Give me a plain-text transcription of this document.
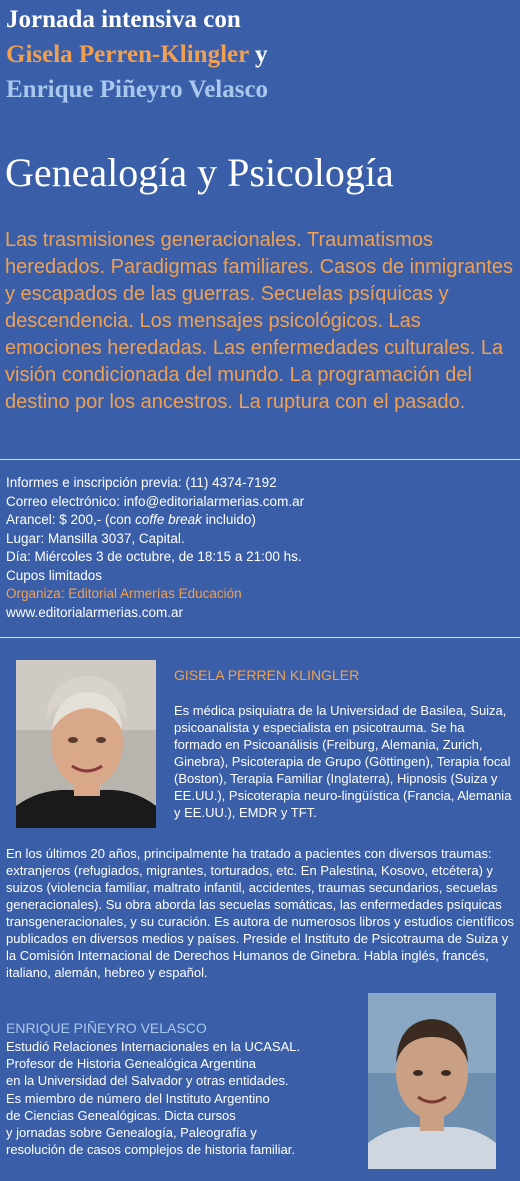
Jornada intensiva con
Gisela Perren-Klingler y
Enrique Piñeyro Velasco
Genealogía y Psicología
Las trasmisiones generacionales. Traumatismos heredados. Paradigmas familiares. Casos de inmigrantes y escapados de las guerras. Secuelas psíquicas y descendencia. Los mensajes psicológicos. Las emociones heredadas. Las enfermedades culturales. La visión condicionada del mundo. La programación del destino por los ancestros. La ruptura con el pasado.
Informes e inscripción previa: (11) 4374-7192
Correo electrónico: info@editorialarmerias.com.ar
Arancel: $ 200,- (con coffe break incluido)
Lugar: Mansilla 3037, Capital.
Día: Miércoles 3 de octubre, de 18:15 a 21:00 hs.
Cupos limitados
Organiza: Editorial Armerías Educación
www.editorialarmerias.com.ar
GISELA PERREN KLINGLER
Es médica psiquiatra de la Universidad de Basilea, Suiza, psicoanalista y especialista en psicotrauma. Se ha formado en Psicoanálisis (Freiburg, Alemania, Zurich, Ginebra), Psicoterapia de Grupo (Göttingen), Terapia focal (Boston), Terapia Familiar (Inglaterra), Hipnosis (Suiza y EE.UU.), Psicoterapia neuro-lingüística (Francia, Alemania y EE.UU.), EMDR y TFT.
En los últimos 20 años, principalmente ha tratado a pacientes con diversos traumas: extranjeros (refugiados, migrantes, torturados, etc. En Palestina, Kosovo, etcétera) y suizos (violencia familiar, maltrato infantil, accidentes, traumas secundarios, secuelas generacionales). Su obra aborda las secuelas somáticas, las enfermedades psíquicas transgeneracionales, y su curación. Es autora de numerosos libros y estudios científicos publicados en diversos medios y países. Preside el Instituto de Psicotrauma de Suiza y la Comisión Internacional de Derechos Humanos de Ginebra. Habla inglés, francés, italiano, alemán, hebreo y español.
ENRIQUE PIÑEYRO VELASCO
Estudió Relaciones Internacionales en la UCASAL.
Profesor de Historia Genealógica Argentina
en la Universidad del Salvador y otras entidades.
Es miembro de número del Instituto Argentino
de Ciencias Genealógicas. Dicta cursos
y jornadas sobre Genealogía, Paleografía y
resolución de casos complejos de historia familiar.
